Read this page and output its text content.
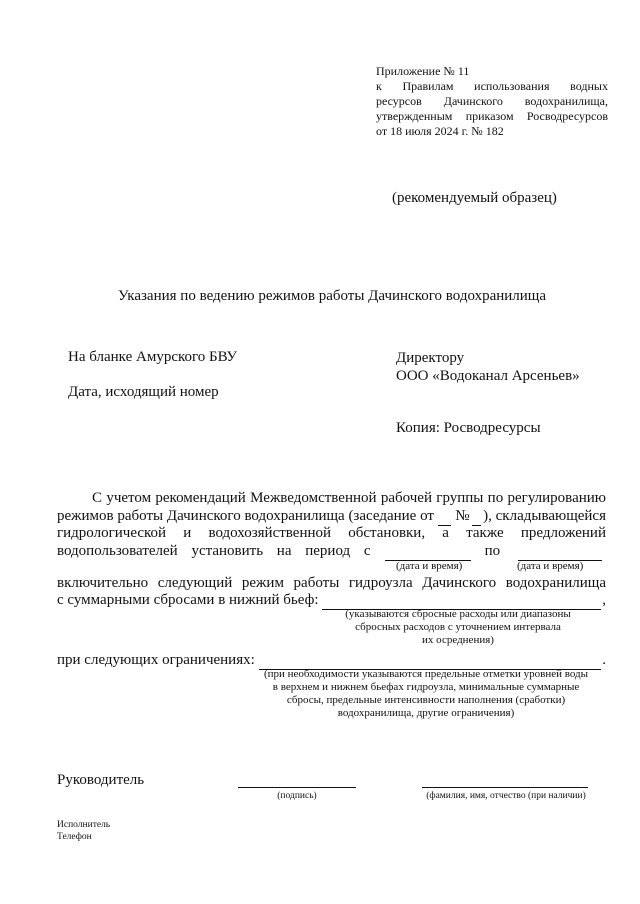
Приложение № 11
к Правилам использования водных
ресурсов Дачинского водохранилища,
утвержденным приказом Росводресурсов
от 18 июля 2024 г. № 182
(рекомендуемый образец)
Указания по ведению режимов работы Дачинского водохранилища
На бланке Амурского БВУ
Дата, исходящий номер
Директору
ООО «Водоканал Арсеньев»
Копия: Росводресурсы
С учетом рекомендаций Межведомственной рабочей группы по регулированию
режимов работы Дачинского водохранилища (заседание от № ), складывающейся
гидрологической и водохозяйственной обстановки, а также предложений
водопользователей установить на период с	по
(дата и время)	(дата и время)
включительно следующий режим работы гидроузла Дачинского водохранилища
с суммарными сбросами в нижний бьеф:	,
(указываются сбросные расходы или диапазоны
сбросных расходов с уточнением интервала
их осреднения)
при следующих ограничениях:	.
(при необходимости указываются предельные отметки уровней воды
в верхнем и нижнем бьефах гидроузла, минимальные суммарные
сбросы, предельные интенсивности наполнения (сработки)
водохранилища, другие ограничения)
Руководитель
(подпись)	(фамилия, имя, отчество (при наличии)
Исполнитель
Телефон
